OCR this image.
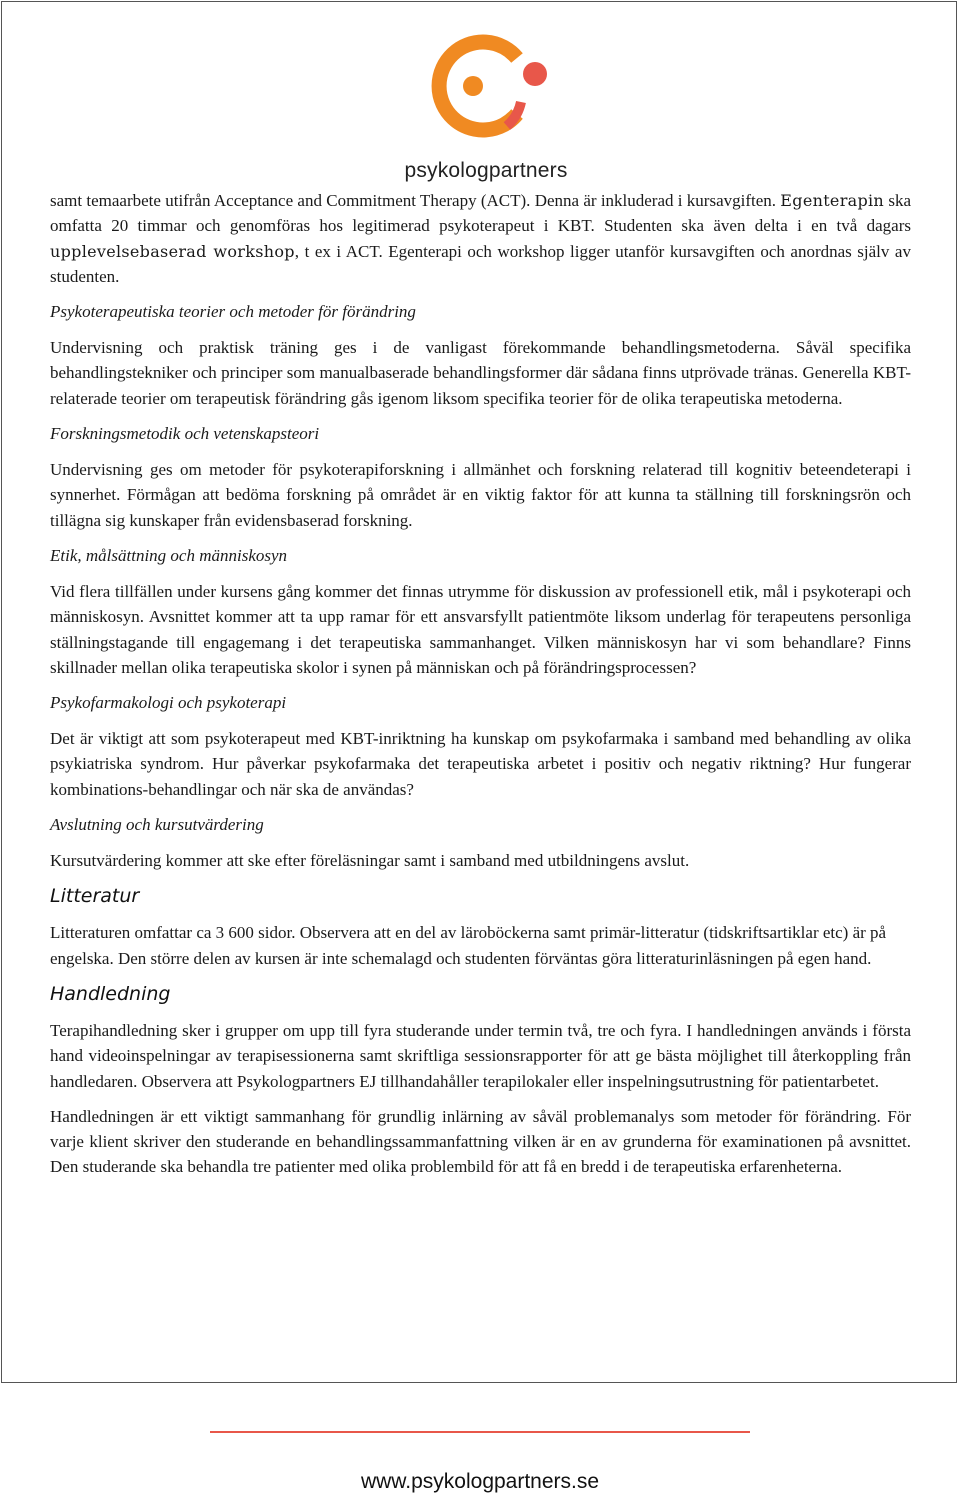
psykologpartners

samt temaarbete utifrån Acceptance and Commitment Therapy (ACT). Denna är inkluderad i kursavgiften. Egenterapin ska omfatta 20 timmar och genomföras hos legitimerad psykoterapeut i KBT. Studenten ska även delta i en två dagars upplevelsebaserad workshop, t ex i ACT. Egenterapi och workshop ligger utanför kursavgiften och anordnas själv av studenten.

Psykoterapeutiska teorier och metoder för förändring

Undervisning och praktisk träning ges i de vanligast förekommande behandlingsmetoderna. Såväl specifika behandlingstekniker och principer som manualbaserade behandlingsformer där sådana finns utprövade tränas. Generella KBT-relaterade teorier om terapeutisk förändring gås igenom liksom specifika teorier för de olika terapeutiska metoderna.

Forskningsmetodik och vetenskapsteori

Undervisning ges om metoder för psykoterapiforskning i allmänhet och forskning relaterad till kognitiv beteendeterapi i synnerhet. Förmågan att bedöma forskning på området är en viktig faktor för att kunna ta ställning till forskningsrön och tillägna sig kunskaper från evidensbaserad forskning.

Etik, målsättning och människosyn

Vid flera tillfällen under kursens gång kommer det finnas utrymme för diskussion av professionell etik, mål i psykoterapi och människosyn. Avsnittet kommer att ta upp ramar för ett ansvarsfyllt patientmöte liksom underlag för terapeutens personliga ställningstagande till engagemang i det terapeutiska sammanhanget. Vilken människosyn har vi som behandlare? Finns skillnader mellan olika terapeutiska skolor i synen på människan och på förändringsprocessen?

Psykofarmakologi och psykoterapi

Det är viktigt att som psykoterapeut med KBT-inriktning ha kunskap om psykofarmaka i samband med behandling av olika psykiatriska syndrom. Hur påverkar psykofarmaka det terapeutiska arbetet i positiv och negativ riktning? Hur fungerar kombinations-behandlingar och när ska de användas?

Avslutning och kursutvärdering

Kursutvärdering kommer att ske efter föreläsningar samt i samband med utbildningens avslut.

Litteratur

Litteraturen omfattar ca 3 600 sidor. Observera att en del av läroböckerna samt primär-litteratur (tidskriftsartiklar etc) är på engelska. Den större delen av kursen är inte schemalagd och studenten förväntas göra litteraturinläsningen på egen hand.

Handledning

Terapihandledning sker i grupper om upp till fyra studerande under termin två, tre och fyra. I handledningen används i första hand videoinspelningar av terapisessionerna samt skriftliga sessionsrapporter för att ge bästa möjlighet till återkoppling från handledaren. Observera att Psykologpartners EJ tillhandahåller terapilokaler eller inspelningsutrustning för patientarbetet.

Handledningen är ett viktigt sammanhang för grundlig inlärning av såväl problemanalys som metoder för förändring. För varje klient skriver den studerande en behandlingssammanfattning vilken är en av grunderna för examinationen på avsnittet. Den studerande ska behandla tre patienter med olika problembild för att få en bredd i de terapeutiska erfarenheterna.

www.psykologpartners.se
